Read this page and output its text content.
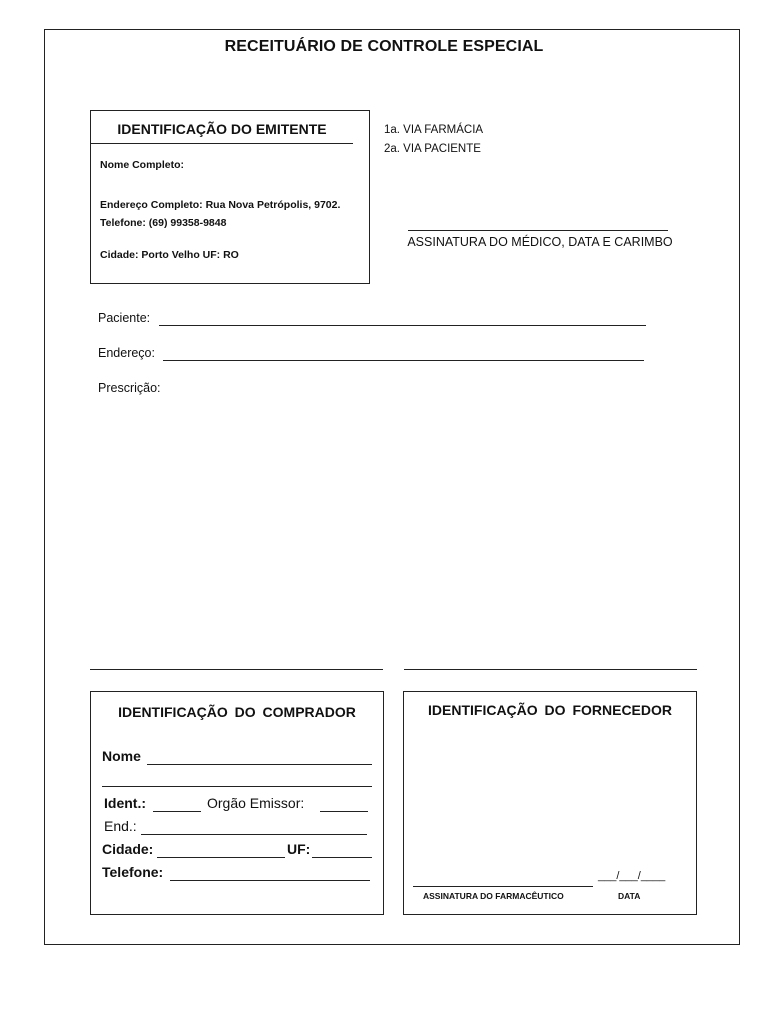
RECEITUÁRIO DE CONTROLE ESPECIAL
IDENTIFICAÇÃO DO EMITENTE
Nome Completo:
Endereço Completo: Rua Nova Petrópolis, 9702.
Telefone: (69) 99358-9848
Cidade: Porto Velho UF: RO
1a. VIA FARMÁCIA
2a. VIA PACIENTE
ASSINATURA DO MÉDICO, DATA E CARIMBO
Paciente:
Endereço:
Prescrição:
IDENTIFICAÇÃO DO COMPRADOR
Nome
Ident.:	Orgão Emissor:
End.:
Cidade:	UF:
Telefone:
IDENTIFICAÇÃO DO FORNECEDOR
ASSINATURA DO FARMACÊUTICO
___/___/____
DATA
